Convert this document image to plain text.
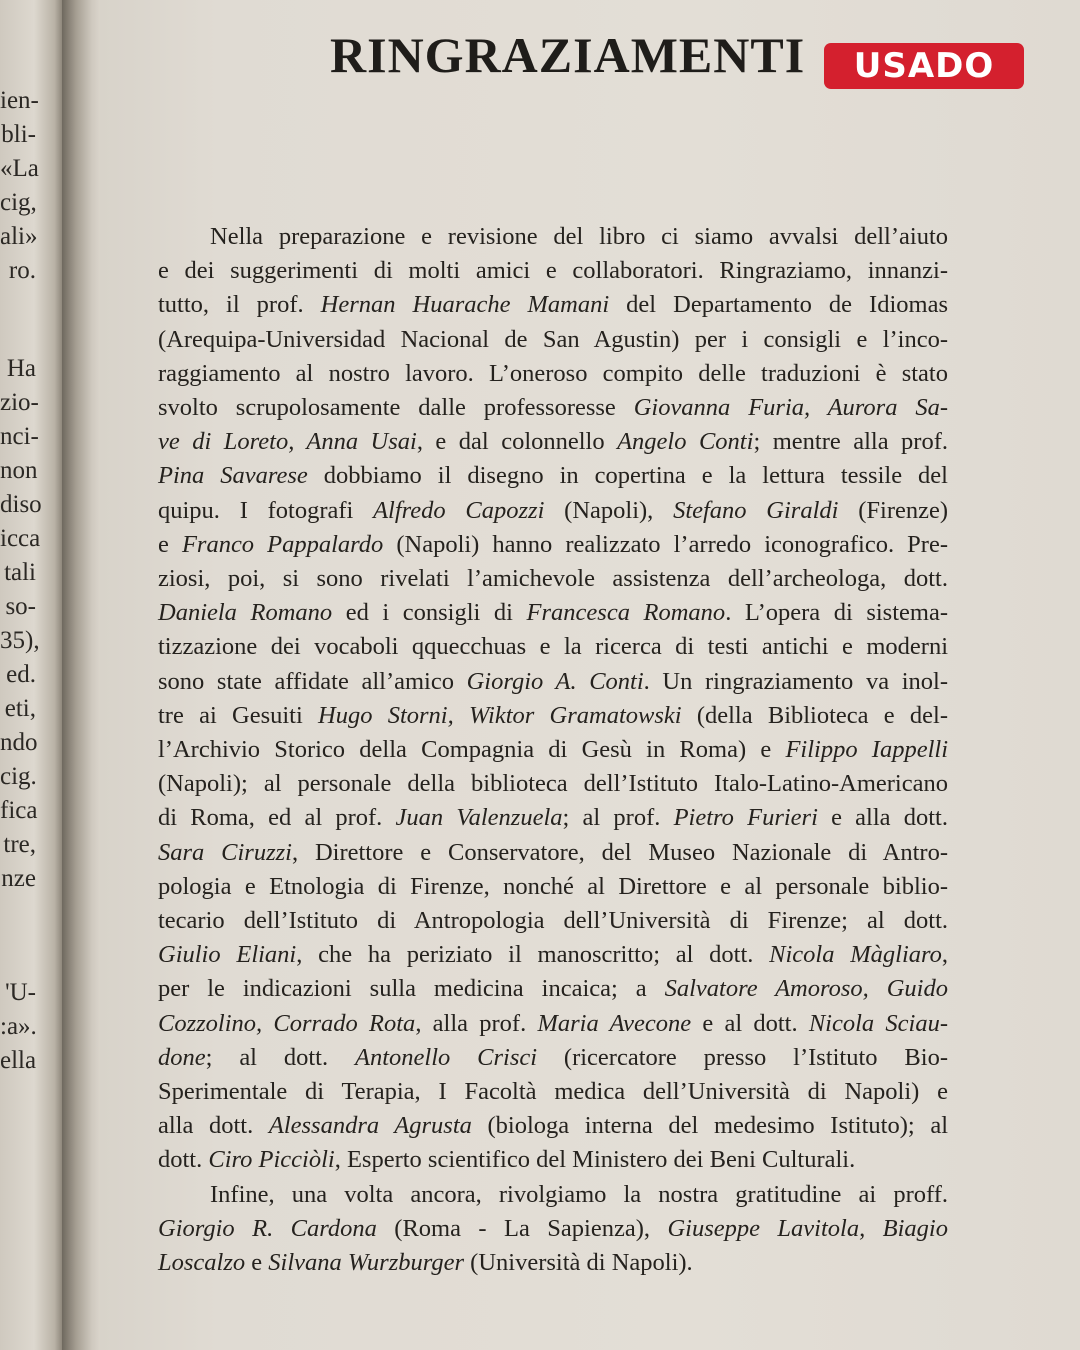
ien-
bli-
«La
cig,
ali»
ro.
Ha
zio-
nci-
non
diso
icca
tali
so-
35),
ed.
eti,
ndo
cig.
fica
tre,
nze
'U-
:a».
ella
RINGRAZIAMENTI	USADO
Nella preparazione e revisione del libro ci siamo avvalsi dell’aiuto
e dei suggerimenti di molti amici e collaboratori. Ringraziamo, innanzi-
tutto, il prof. Hernan Huarache Mamani del Departamento de Idiomas
(Arequipa-Universidad Nacional de San Agustin) per i consigli e l’inco-
raggiamento al nostro lavoro. L’oneroso compito delle traduzioni è stato
svolto scrupolosamente dalle professoresse Giovanna Furia, Aurora Sa-
ve di Loreto, Anna Usai, e dal colonnello Angelo Conti; mentre alla prof.
Pina Savarese dobbiamo il disegno in copertina e la lettura tessile del
quipu. I fotografi Alfredo Capozzi (Napoli), Stefano Giraldi (Firenze)
e Franco Pappalardo (Napoli) hanno realizzato l’arredo iconografico. Pre-
ziosi, poi, si sono rivelati l’amichevole assistenza dell’archeologa, dott.
Daniela Romano ed i consigli di Francesca Romano. L’opera di sistema-
tizzazione dei vocaboli qquecchuas e la ricerca di testi antichi e moderni
sono state affidate all’amico Giorgio A. Conti. Un ringraziamento va inol-
tre ai Gesuiti Hugo Storni, Wiktor Gramatowski (della Biblioteca e del-
l’Archivio Storico della Compagnia di Gesù in Roma) e Filippo Iappelli
(Napoli); al personale della biblioteca dell’Istituto Italo-Latino-Americano
di Roma, ed al prof. Juan Valenzuela; al prof. Pietro Furieri e alla dott.
Sara Ciruzzi, Direttore e Conservatore, del Museo Nazionale di Antro-
pologia e Etnologia di Firenze, nonché al Direttore e al personale biblio-
tecario dell’Istituto di Antropologia dell’Università di Firenze; al dott.
Giulio Eliani, che ha periziato il manoscritto; al dott. Nicola Màgliaro,
per le indicazioni sulla medicina incaica; a Salvatore Amoroso, Guido
Cozzolino, Corrado Rota, alla prof. Maria Avecone e al dott. Nicola Sciau-
done; al dott. Antonello Crisci (ricercatore presso l’Istituto Bio-
Sperimentale di Terapia, I Facoltà medica dell’Università di Napoli) e
alla dott. Alessandra Agrusta (biologa interna del medesimo Istituto); al
dott. Ciro Picciòli, Esperto scientifico del Ministero dei Beni Culturali.
Infine, una volta ancora, rivolgiamo la nostra gratitudine ai proff.
Giorgio R. Cardona (Roma - La Sapienza), Giuseppe Lavitola, Biagio
Loscalzo e Silvana Wurzburger (Università di Napoli).
